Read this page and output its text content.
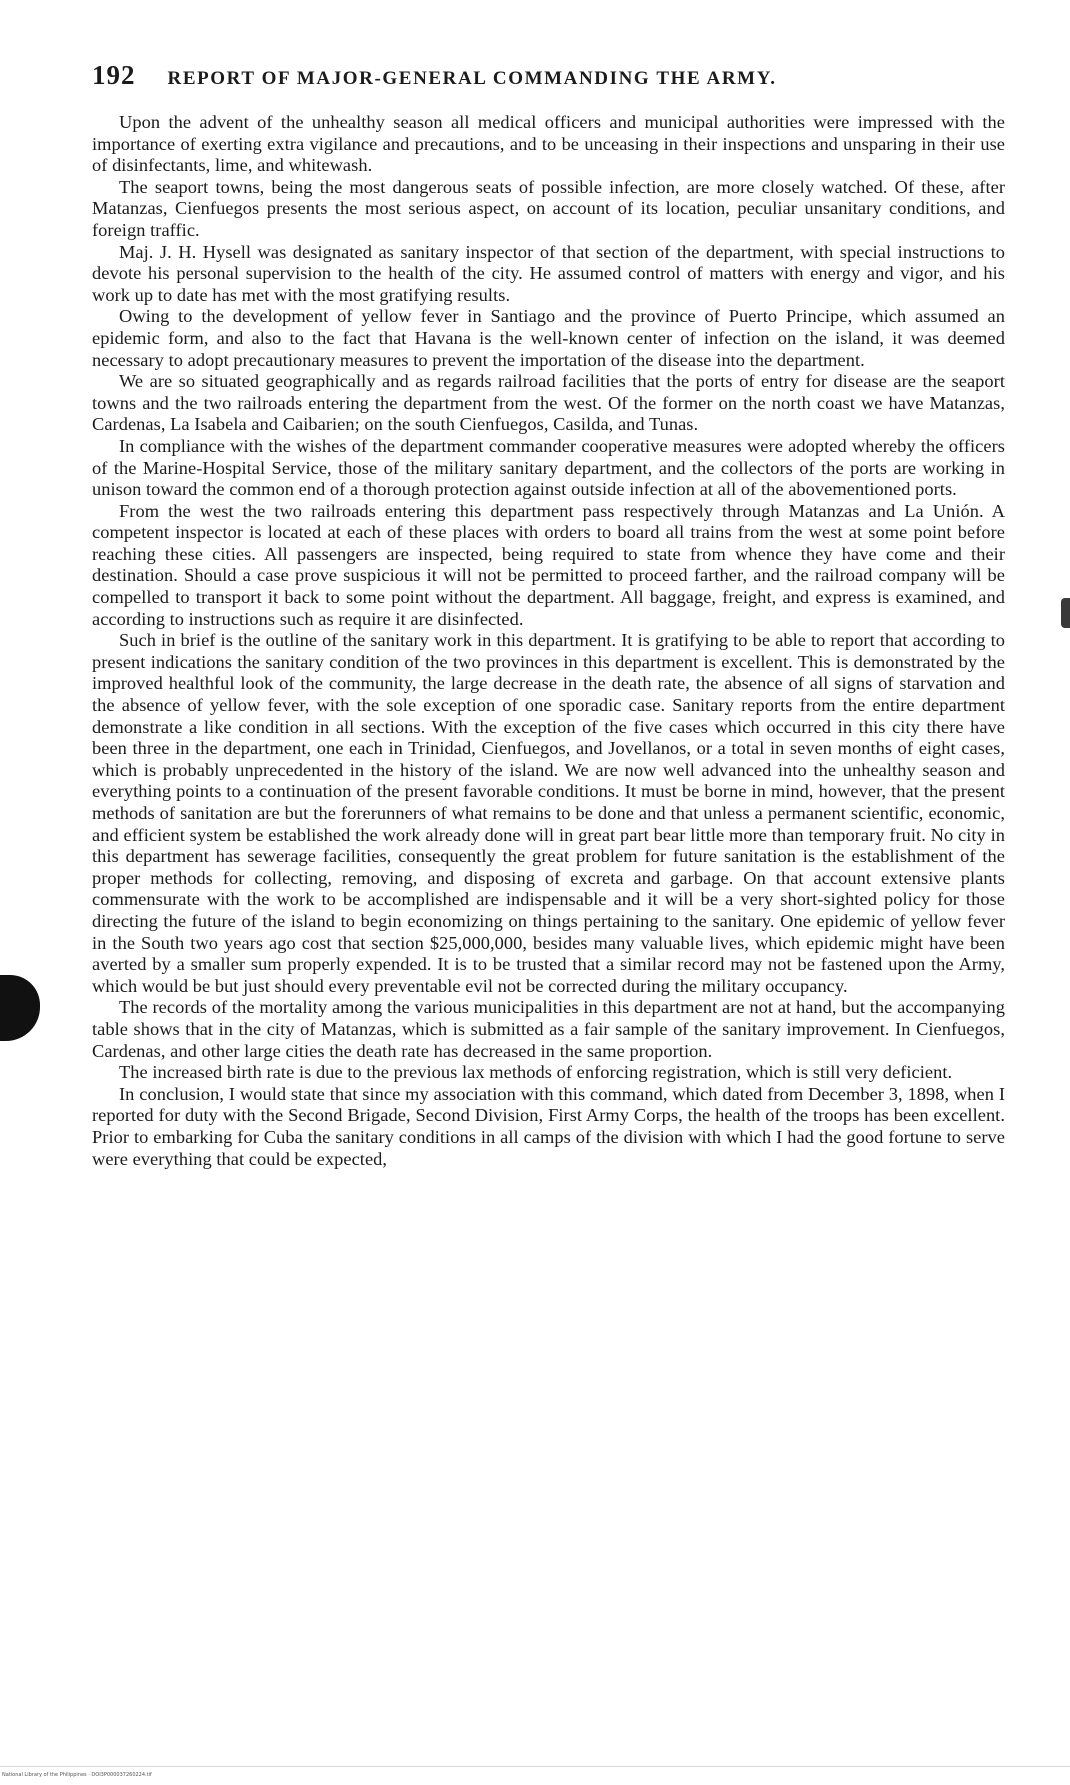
192 REPORT OF MAJOR-GENERAL COMMANDING THE ARMY.

Upon the advent of the unhealthy season all medical officers and municipal authorities were impressed with the importance of exerting extra vigilance and precautions, and to be unceasing in their inspections and unsparing in their use of disinfectants, lime, and whitewash.

The seaport towns, being the most dangerous seats of possible infection, are more closely watched. Of these, after Matanzas, Cienfuegos presents the most serious aspect, on account of its location, peculiar unsanitary conditions, and foreign traffic.

Maj. J. H. Hysell was designated as sanitary inspector of that section of the department, with special instructions to devote his personal supervision to the health of the city. He assumed control of matters with energy and vigor, and his work up to date has met with the most gratifying results.

Owing to the development of yellow fever in Santiago and the province of Puerto Principe, which assumed an epidemic form, and also to the fact that Havana is the well-known center of infection on the island, it was deemed necessary to adopt precautionary measures to prevent the importation of the disease into the department.

We are so situated geographically and as regards railroad facilities that the ports of entry for disease are the seaport towns and the two railroads entering the department from the west. Of the former on the north coast we have Matanzas, Cardenas, La Isabela and Caibarien; on the south Cienfuegos, Casilda, and Tunas.

In compliance with the wishes of the department commander cooperative measures were adopted whereby the officers of the Marine-Hospital Service, those of the military sanitary department, and the collectors of the ports are working in unison toward the common end of a thorough protection against outside infection at all of the abovementioned ports.

From the west the two railroads entering this department pass respectively through Matanzas and La Unión. A competent inspector is located at each of these places with orders to board all trains from the west at some point before reaching these cities. All passengers are inspected, being required to state from whence they have come and their destination. Should a case prove suspicious it will not be permitted to proceed farther, and the railroad company will be compelled to transport it back to some point without the department. All baggage, freight, and express is examined, and according to instructions such as require it are disinfected.

Such in brief is the outline of the sanitary work in this department. It is gratifying to be able to report that according to present indications the sanitary condition of the two provinces in this department is excellent. This is demonstrated by the improved healthful look of the community, the large decrease in the death rate, the absence of all signs of starvation and the absence of yellow fever, with the sole exception of one sporadic case. Sanitary reports from the entire department demonstrate a like condition in all sections. With the exception of the five cases which occurred in this city there have been three in the department, one each in Trinidad, Cienfuegos, and Jovellanos, or a total in seven months of eight cases, which is probably unprecedented in the history of the island. We are now well advanced into the unhealthy season and everything points to a continuation of the present favorable conditions. It must be borne in mind, however, that the present methods of sanitation are but the forerunners of what remains to be done and that unless a permanent scientific, economic, and efficient system be established the work already done will in great part bear little more than temporary fruit. No city in this department has sewerage facilities, consequently the great problem for future sanitation is the establishment of the proper methods for collecting, removing, and disposing of excreta and garbage. On that account extensive plants commensurate with the work to be accomplished are indispensable and it will be a very short-sighted policy for those directing the future of the island to begin economizing on things pertaining to the sanitary. One epidemic of yellow fever in the South two years ago cost that section $25,000,000, besides many valuable lives, which epidemic might have been averted by a smaller sum properly expended. It is to be trusted that a similar record may not be fastened upon the Army, which would be but just should every preventable evil not be corrected during the military occupancy.

The records of the mortality among the various municipalities in this department are not at hand, but the accompanying table shows that in the city of Matanzas, which is submitted as a fair sample of the sanitary improvement. In Cienfuegos, Cardenas, and other large cities the death rate has decreased in the same proportion.

The increased birth rate is due to the previous lax methods of enforcing registration, which is still very deficient.

In conclusion, I would state that since my association with this command, which dated from December 3, 1898, when I reported for duty with the Second Brigade, Second Division, First Army Corps, the health of the troops has been excellent. Prior to embarking for Cuba the sanitary conditions in all camps of the division with which I had the good fortune to serve were everything that could be expected,

National Library of the Philippines · DOI3P000037260224.tif
